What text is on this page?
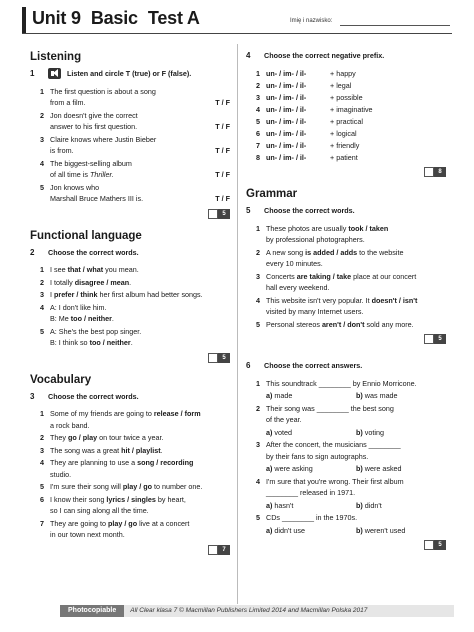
Unit 9 Basic Test A	Imię i nazwisko:
Listening
1	Listen and circle T (true) or F (false).
1 The first question is about a song
from a film.	T / F
2 Jon doesn't give the correct
answer to his first question.	T / F
3 Claire knows where Justin Bieber
is from.	T / F
4 The biggest-selling album
of all time is Thriller.	T / F
5 Jon knows who
Marshall Bruce Mathers III is.	T / F
5
Functional language
2	Choose the correct words.
1 I see that / what you mean.
2 I totally disagree / mean.
3 I prefer / think her first album had better songs.
4 A: I don't like him.
B: Me too / neither.
5 A: She's the best pop singer.
B: I think so too / neither.
5
Vocabulary
3	Choose the correct words.
1 Some of my friends are going to release / form
a rock band.
2 They go / play on tour twice a year.
3 The song was a great hit / playlist.
4 They are planning to use a song / recording
studio.
5 I'm sure their song will play / go to number one.
6 I know their song lyrics / singles by heart,
so I can sing along all the time.
7 They are going to play / go live at a concert
in our town next month.
7
4	Choose the correct negative prefix.
1 un- / im- / il-	+ happy
2 un- / im- / il-	+ legal
3 un- / im- / il-	+ possible
4 un- / im- / il-	+ imaginative
5 un- / im- / il-	+ practical
6 un- / im- / il-	+ logical
7 un- / im- / il-	+ friendly
8 un- / im- / il-	+ patient
8
Grammar
5	Choose the correct words.
1 These photos are usually took / taken
by professional photographers.
2 A new song is added / adds to the website
every 10 minutes.
3 Concerts are taking / take place at our concert
hall every weekend.
4 This website isn't very popular. It doesn't / isn't
visited by many Internet users.
5 Personal stereos aren't / don't sold any more.
5
6	Choose the correct answers.
1 This soundtrack ________ by Ennio Morricone.
a) made	b) was made
2 Their song was ________ the best song
of the year.
a) voted	b) voting
3 After the concert, the musicians ________
by their fans to sign autographs.
a) were asking	b) were asked
4 I'm sure that you're wrong. Their first album
________ released in 1971.
a) hasn't	b) didn't
5 CDs ________ in the 1970s.
a) didn't use	b) weren't used
5
Photocopiable All Clear klasa 7 © Macmillan Publishers Limited 2014 and Macmillan Polska 2017
